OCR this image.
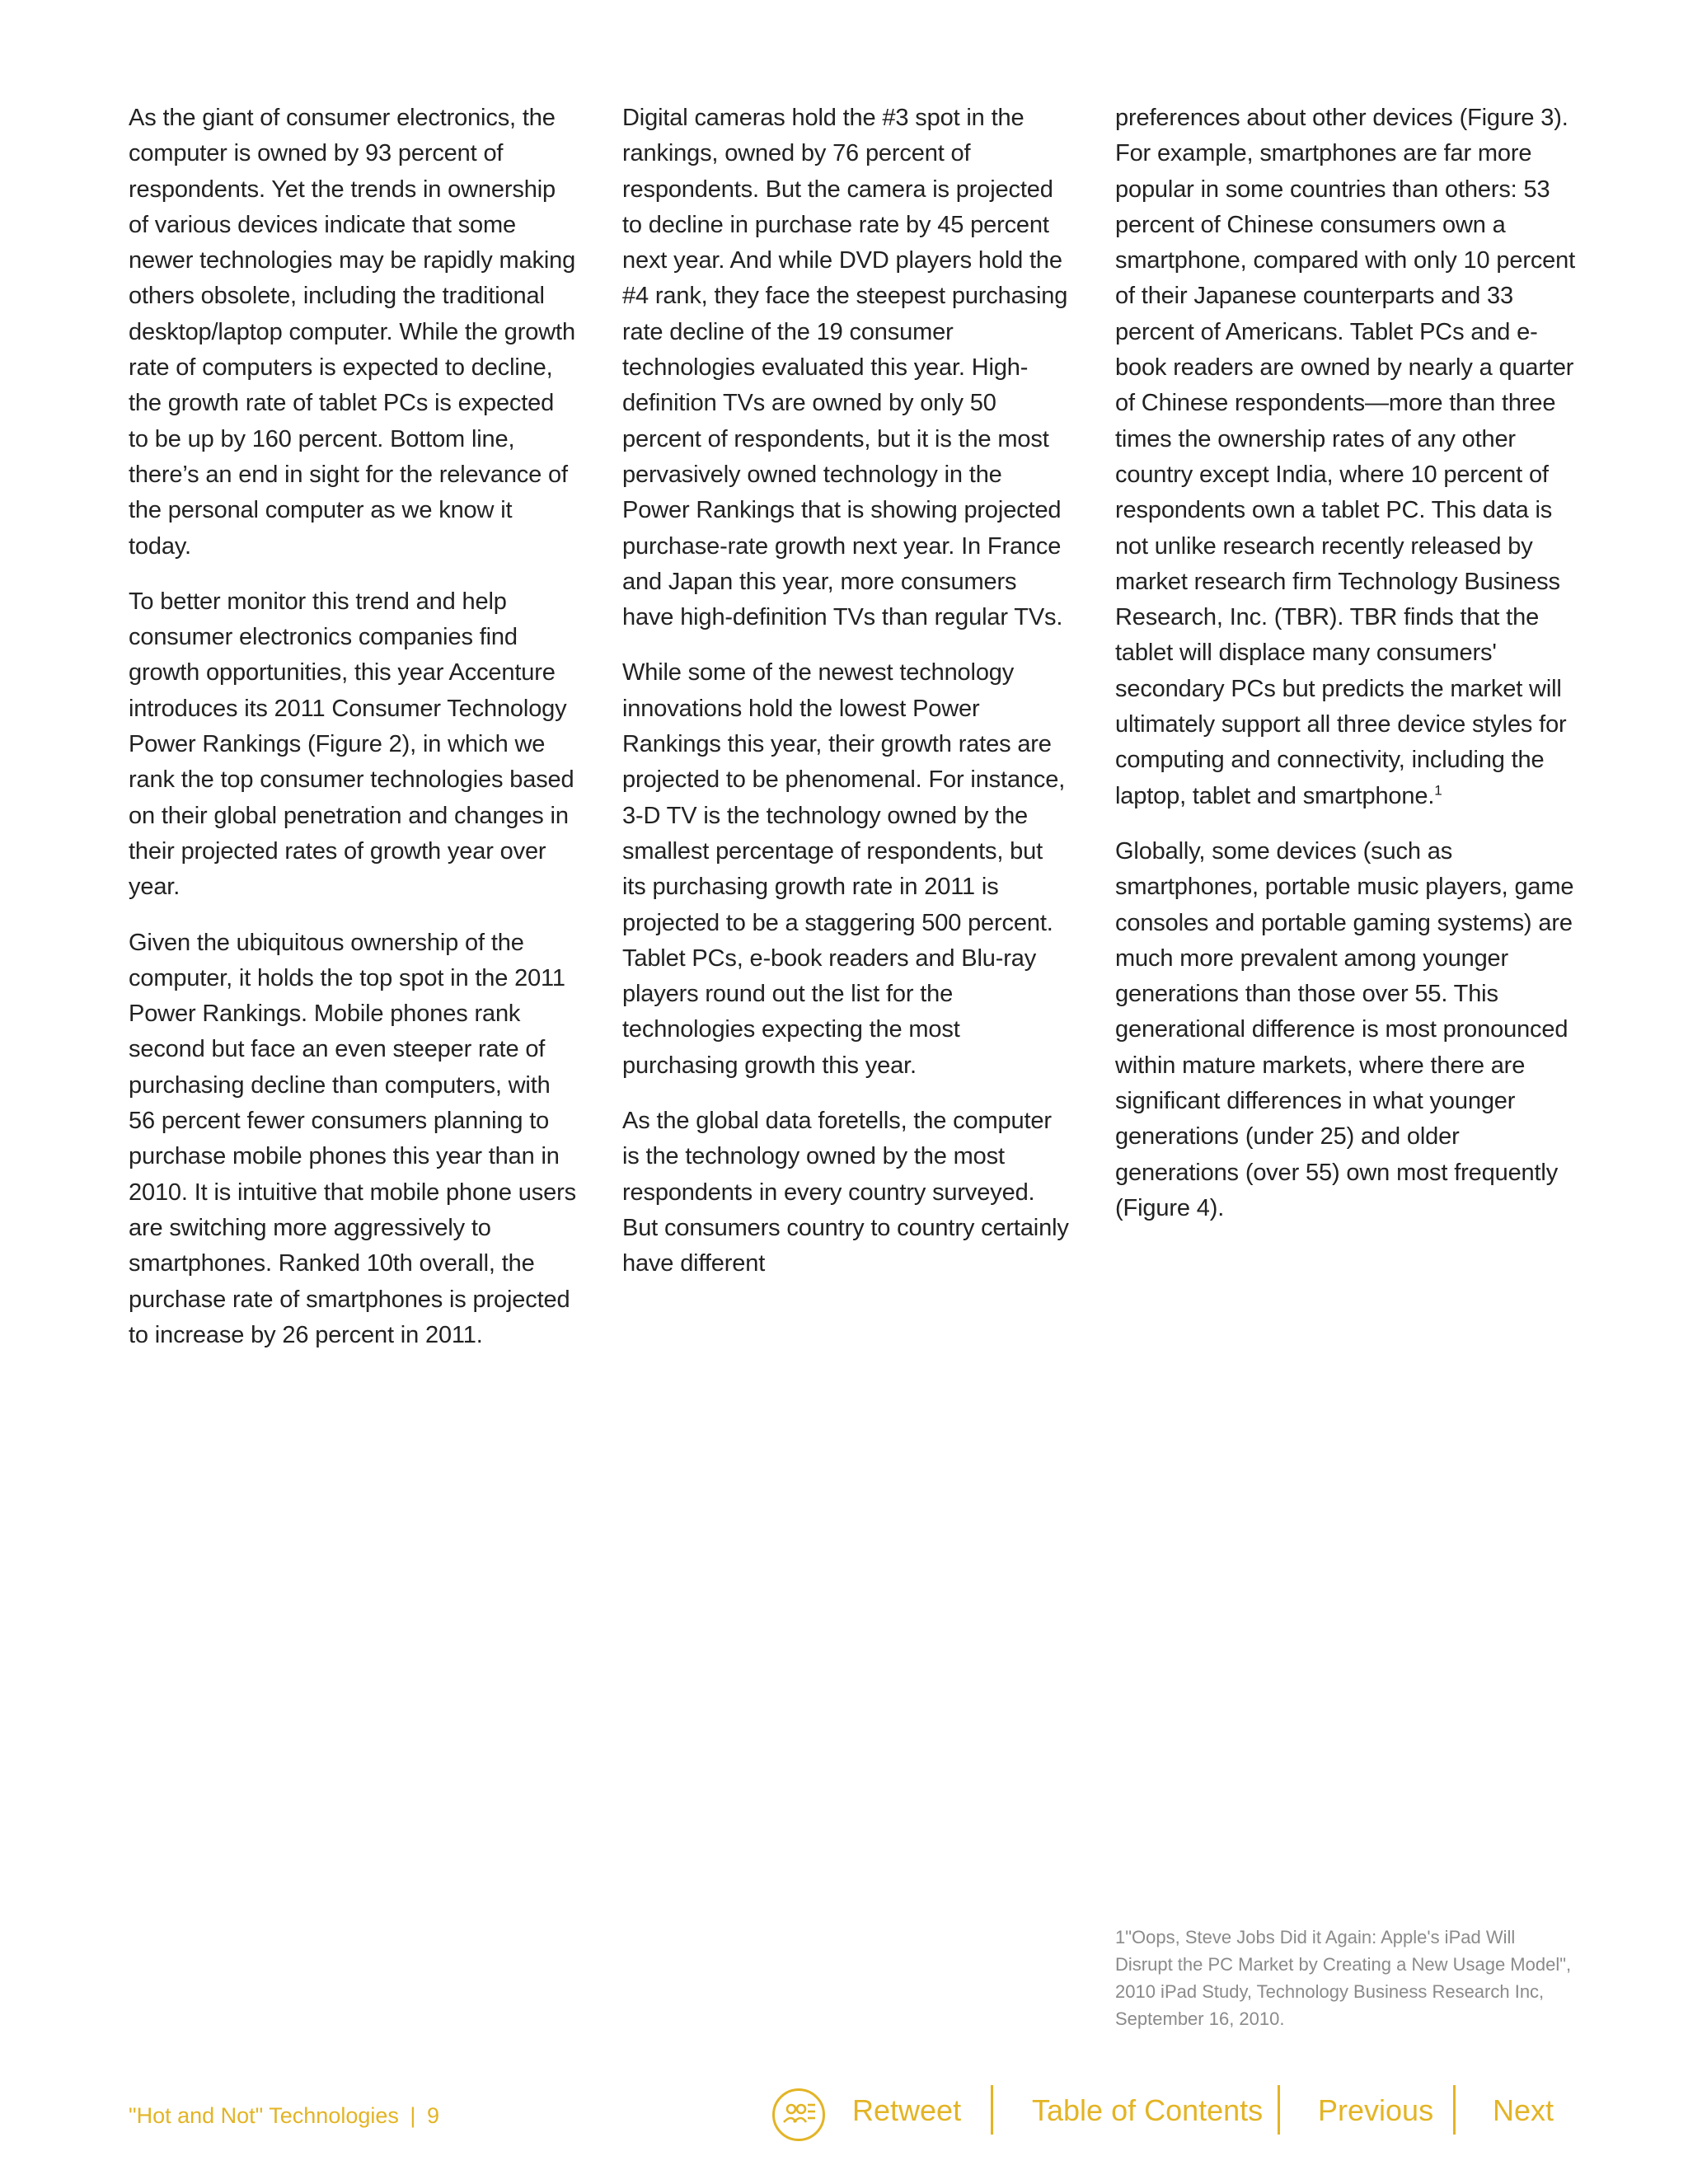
As the giant of consumer electronics, the computer is owned by 93 percent of respondents. Yet the trends in ownership of various devices indicate that some newer technologies may be rapidly making others obsolete, including the traditional desktop/laptop computer. While the growth rate of computers is expected to decline, the growth rate of tablet PCs is expected to be up by 160 percent. Bottom line, there’s an end in sight for the relevance of the personal computer as we know it today.

To better monitor this trend and help consumer electronics companies find growth opportunities, this year Accenture introduces its 2011 Consumer Technology Power Rankings (Figure 2), in which we rank the top consumer technologies based on their global penetration and changes in their projected rates of growth year over year.

Given the ubiquitous ownership of the computer, it holds the top spot in the 2011 Power Rankings. Mobile phones rank second but face an even steeper rate of purchasing decline than computers, with 56 percent fewer consumers planning to purchase mobile phones this year than in 2010. It is intuitive that mobile phone users are switching more aggressively to smartphones. Ranked 10th overall, the purchase rate of smartphones is projected to increase by 26 percent in 2011.

Digital cameras hold the #3 spot in the rankings, owned by 76 percent of respondents. But the camera is projected to decline in purchase rate by 45 percent next year. And while DVD players hold the #4 rank, they face the steepest purchasing rate decline of the 19 consumer technologies evaluated this year. High-definition TVs are owned by only 50 percent of respondents, but it is the most pervasively owned technology in the Power Rankings that is showing projected purchase-rate growth next year. In France and Japan this year, more consumers have high-definition TVs than regular TVs.

While some of the newest technology innovations hold the lowest Power Rankings this year, their growth rates are projected to be phenomenal. For instance, 3-D TV is the technology owned by the smallest percentage of respondents, but its purchasing growth rate in 2011 is projected to be a staggering 500 percent. Tablet PCs, e-book readers and Blu-ray players round out the list for the technologies expecting the most purchasing growth this year.

As the global data foretells, the computer is the technology owned by the most respondents in every country surveyed. But consumers country to country certainly have different

preferences about other devices (Figure 3). For example, smartphones are far more popular in some countries than others: 53 percent of Chinese consumers own a smartphone, compared with only 10 percent of their Japanese counterparts and 33 percent of Americans. Tablet PCs and e-book readers are owned by nearly a quarter of Chinese respondents—more than three times the ownership rates of any other country except India, where 10 percent of respondents own a tablet PC. This data is not unlike research recently released by market research firm Technology Business Research, Inc. (TBR). TBR finds that the tablet will displace many consumers' secondary PCs but predicts the market will ultimately support all three device styles for computing and connectivity, including the laptop, tablet and smartphone.$^1$

Globally, some devices (such as smartphones, portable music players, game consoles and portable gaming systems) are much more prevalent among younger generations than those over 55. This generational difference is most pronounced within mature markets, where there are significant differences in what younger generations (under 25) and older generations (over 55) own most frequently (Figure 4).

1"Oops, Steve Jobs Did it Again: Apple's iPad Will Disrupt the PC Market by Creating a New Usage Model", 2010 iPad Study, Technology Business Research Inc, September 16, 2010.
"Hot and Not" Technologies | 9	Retweet Table of Contents Previous Next
